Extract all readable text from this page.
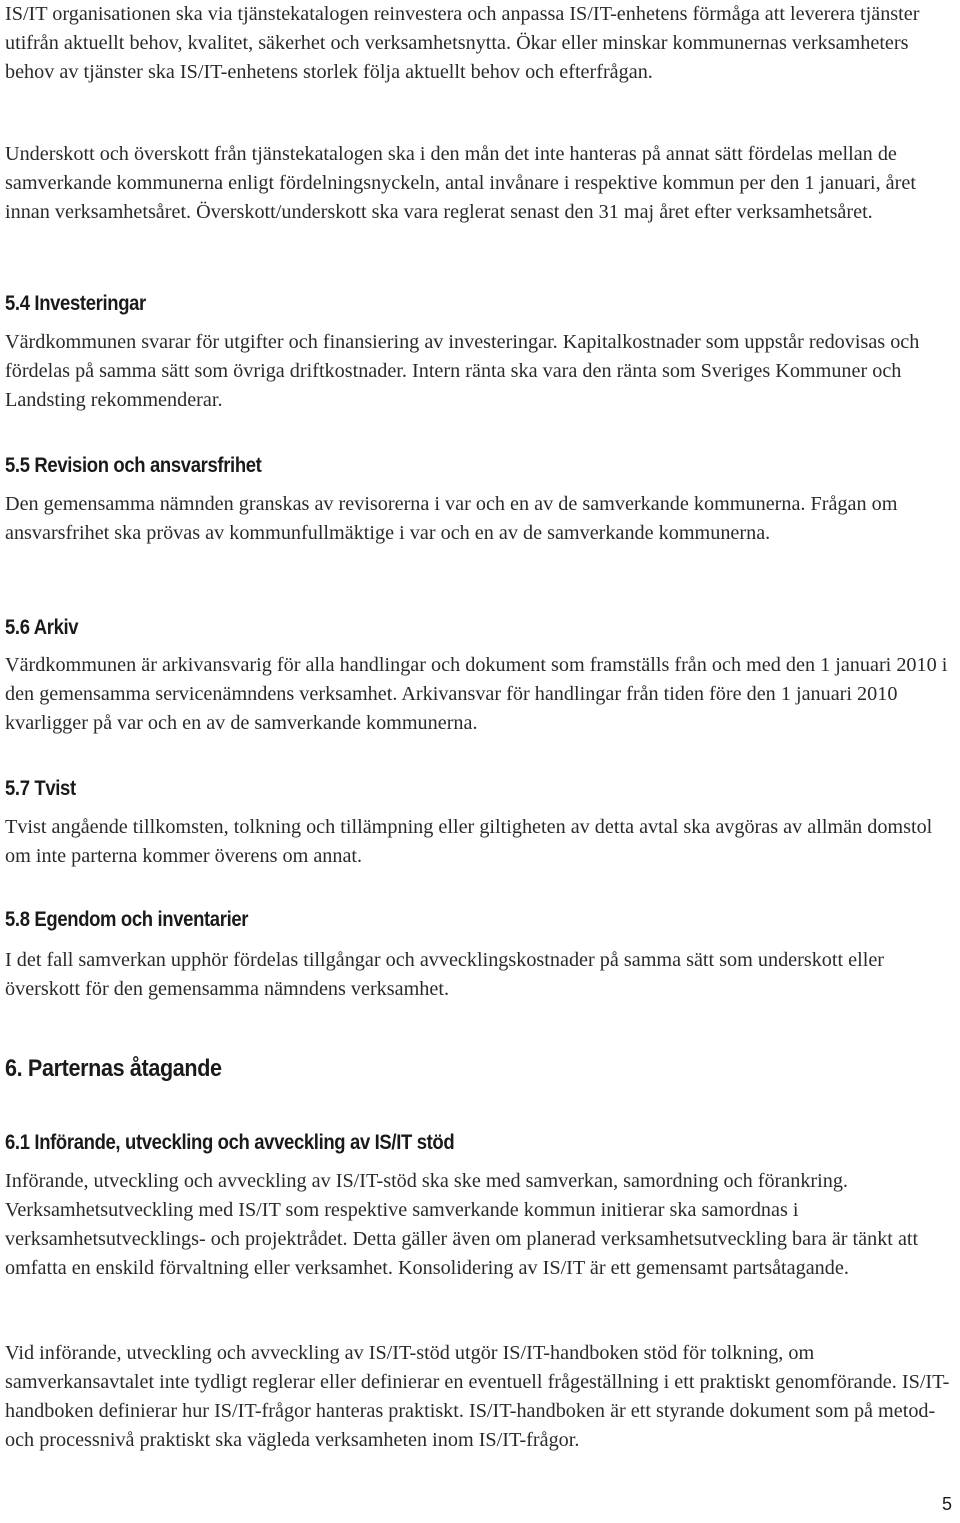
IS/IT organisationen ska via tjänstekatalogen reinvestera och anpassa IS/IT-enhetens förmåga att leverera tjänster utifrån aktuellt behov, kvalitet, säkerhet och verksamhetsnytta. Ökar eller minskar kommunernas verksamheters behov av tjänster ska IS/IT-enhetens storlek följa aktuellt behov och efterfrågan.

Underskott och överskott från tjänstekatalogen ska i den mån det inte hanteras på annat sätt fördelas mellan de samverkande kommunerna enligt fördelningsnyckeln, antal invånare i respektive kommun per den 1 januari, året innan verksamhetsåret. Överskott/underskott ska vara reglerat senast den 31 maj året efter verksamhetsåret.

5.4 Investeringar

Värdkommunen svarar för utgifter och finansiering av investeringar. Kapitalkostnader som uppstår redovisas och fördelas på samma sätt som övriga driftkostnader. Intern ränta ska vara den ränta som Sveriges Kommuner och Landsting rekommenderar.

5.5 Revision och ansvarsfrihet

Den gemensamma nämnden granskas av revisorerna i var och en av de samverkande kommunerna. Frågan om ansvarsfrihet ska prövas av kommunfullmäktige i var och en av de samverkande kommunerna.

5.6 Arkiv

Värdkommunen är arkivansvarig för alla handlingar och dokument som framställs från och med den 1 januari 2010 i den gemensamma servicenämndens verksamhet. Arkivansvar för handlingar från tiden före den 1 januari 2010 kvarligger på var och en av de samverkande kommunerna.

5.7 Tvist

Tvist angående tillkomsten, tolkning och tillämpning eller giltigheten av detta avtal ska avgöras av allmän domstol om inte parterna kommer överens om annat.

5.8 Egendom och inventarier

I det fall samverkan upphör fördelas tillgångar och avvecklingskostnader på samma sätt som underskott eller överskott för den gemensamma nämndens verksamhet.

6. Parternas åtagande
6.1 Införande, utveckling och avveckling av IS/IT stöd

Införande, utveckling och avveckling av IS/IT-stöd ska ske med samverkan, samordning och förankring. Verksamhetsutveckling med IS/IT som respektive samverkande kommun initierar ska samordnas i verksamhetsutvecklings- och projektrådet. Detta gäller även om planerad verksamhetsutveckling bara är tänkt att omfatta en enskild förvaltning eller verksamhet. Konsolidering av IS/IT är ett gemensamt partsåtagande.

Vid införande, utveckling och avveckling av IS/IT-stöd utgör IS/IT-handboken stöd för tolkning, om samverkansavtalet inte tydligt reglerar eller definierar en eventuell frågeställning i ett praktiskt genomförande. IS/IT-handboken definierar hur IS/IT-frågor hanteras praktiskt. IS/IT-handboken är ett styrande dokument som på metod- och processnivå praktiskt ska vägleda verksamheten inom IS/IT-frågor.

5
